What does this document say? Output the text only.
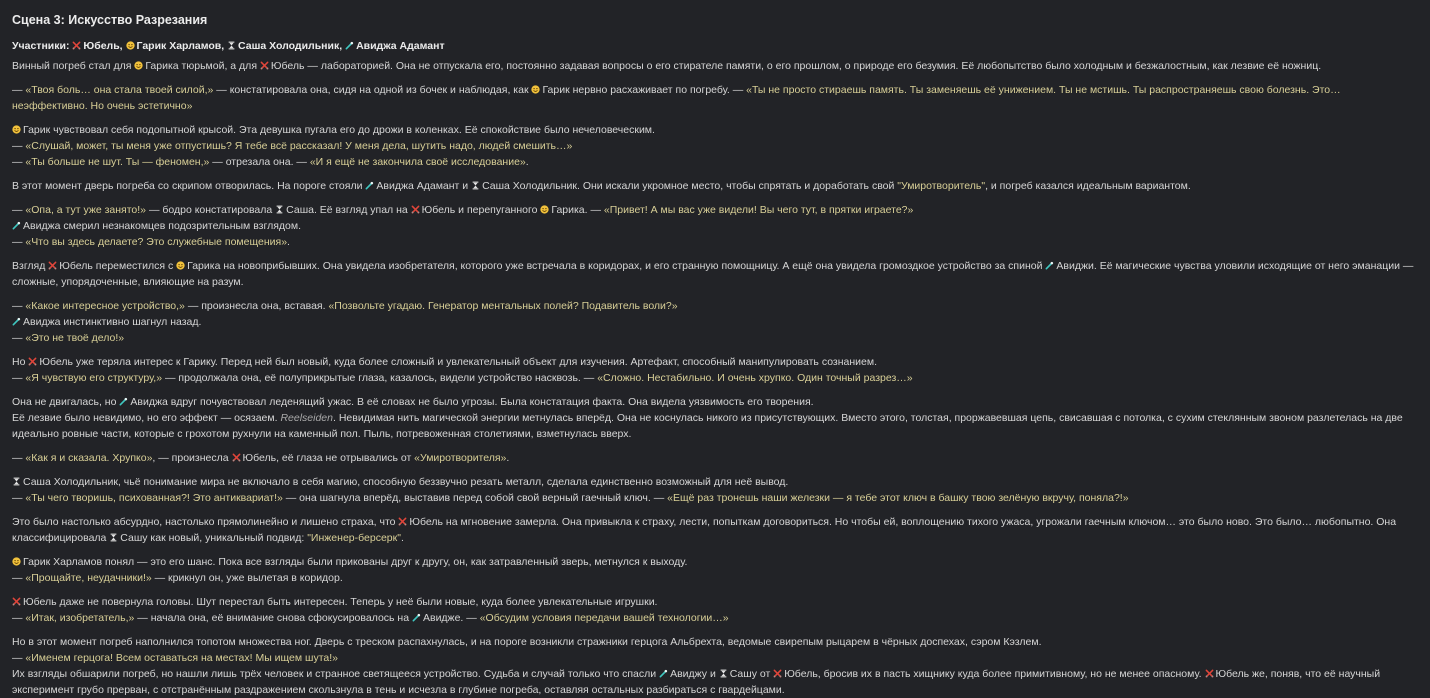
Сцена 3: Искусство Разрезания
Участники:
Юбель,
Гарик Харламов,
Саша Холодильник,
Авиджа Адамант

Винный погреб стал для
Гарика тюрьмой, а для
Юбель — лабораторией. Она не отпускала его, постоянно задавая вопросы о его стирателе памяти, о его прошлом, о природе его безумия. Её любопытство было холодным и безжалостным, как лезвие её ножниц.

— «Твоя боль… она стала твоей силой,» — констатировала она, сидя на одной из бочек и наблюдая, как
Гарик нервно расхаживает по погребу. — «Ты не просто стираешь память. Ты заменяешь её унижением. Ты не мстишь. Ты распространяешь свою болезнь. Это… неэффективно. Но очень эстетично»

Гарик чувствовал себя подопытной крысой. Эта девушка пугала его до дрожи в коленках. Её спокойствие было нечеловеческим.
— «Слушай, может, ты меня уже отпустишь? Я тебе всё рассказал! У меня дела, шутить надо, людей смешить…»
— «Ты больше не шут. Ты — феномен,» — отрезала она. — «И я ещё не закончила своё исследование».

В этот момент дверь погреба со скрипом отворилась. На пороге стояли
Авиджа Адамант и
Саша Холодильник. Они искали укромное место, чтобы спрятать и доработать свой "Умиротворитель", и погреб казался идеальным вариантом.

— «Опа, а тут уже занято!» — бодро констатировала
Саша. Её взгляд упал на
Юбель и перепуганного
Гарика. — «Привет! А мы вас уже видели! Вы чего тут, в прятки играете?»

Авиджа смерил незнакомцев подозрительным взглядом.
— «Что вы здесь делаете? Это служебные помещения».

Взгляд
Юбель переместился с
Гарика на новоприбывших. Она увидела изобретателя, которого уже встречала в коридорах, и его странную помощницу. А ещё она увидела громоздкое устройство за спиной
Авиджи. Её магические чувства уловили исходящие от него эманации — сложные, упорядоченные, влияющие на разум.

— «Какое интересное устройство,» — произнесла она, вставая. «Позвольте угадаю. Генератор ментальных полей? Подавитель воли?»

Авиджа инстинктивно шагнул назад.
— «Это не твоё дело!»

Но
Юбель уже теряла интерес к Гарику. Перед ней был новый, куда более сложный и увлекательный объект для изучения. Артефакт, способный манипулировать сознанием.
— «Я чувствую его структуру,» — продолжала она, её полуприкрытые глаза, казалось, видели устройство насквозь. — «Сложно. Нестабильно. И очень хрупко. Один точный разрез…»

Она не двигалась, но
Авиджа вдруг почувствовал леденящий ужас. В её словах не было угрозы. Была констатация факта. Она видела уязвимость его творения.
Её лезвие было невидимо, но его эффект — осязаем. Reelseiden. Невидимая нить магической энергии метнулась вперёд. Она не коснулась никого из присутствующих. Вместо этого, толстая, проржавевшая цепь, свисавшая с потолка, с сухим стеклянным звоном разлетелась на две идеально ровные части, которые с грохотом рухнули на каменный пол. Пыль, потревоженная столетиями, взметнулась вверх.

— «Как я и сказала. Хрупко», — произнесла
Юбель, её глаза не отрывались от «Умиротворителя».

Саша Холодильник, чьё понимание мира не включало в себя магию, способную беззвучно резать металл, сделала единственно возможный для неё вывод.
— «Ты чего творишь, психованная?! Это антиквариат!» — она шагнула вперёд, выставив перед собой свой верный гаечный ключ. — «Ещё раз тронешь наши железки — я тебе этот ключ в башку твою зелёную вкручу, поняла?!»

Это было настолько абсурдно, настолько прямолинейно и лишено страха, что
Юбель на мгновение замерла. Она привыкла к страху, лести, попыткам договориться. Но чтобы ей, воплощению тихого ужаса, угрожали гаечным ключом… это было ново. Это было… любопытно. Она классифицировала
Сашу как новый, уникальный подвид: "Инженер-берсерк".

Гарик Харламов понял — это его шанс. Пока все взгляды были прикованы друг к другу, он, как затравленный зверь, метнулся к выходу.
— «Прощайте, неудачники!» — крикнул он, уже вылетая в коридор.

Юбель даже не повернула головы. Шут перестал быть интересен. Теперь у неё были новые, куда более увлекательные игрушки.
— «Итак, изобретатель,» — начала она, её внимание снова сфокусировалось на
Авидже. — «Обсудим условия передачи вашей технологии…»

Но в этот момент погреб наполнился топотом множества ног. Дверь с треском распахнулась, и на пороге возникли стражники герцога Альбрехта, ведомые свирепым рыцарем в чёрных доспехах, сэром Кэзлем.
— «Именем герцога! Всем оставаться на местах! Мы ищем шута!»
Их взгляды обшарили погреб, но нашли лишь трёх человек и странное светящееся устройство. Судьба и случай только что спасли
Авиджу и
Сашу от
Юбель, бросив их в пасть хищнику куда более примитивному, но не менее опасному.
Юбель же, поняв, что её научный эксперимент грубо прерван, с отстранённым раздражением скользнула в тень и исчезла в глубине погреба, оставляя остальных разбираться с гвардейцами.
